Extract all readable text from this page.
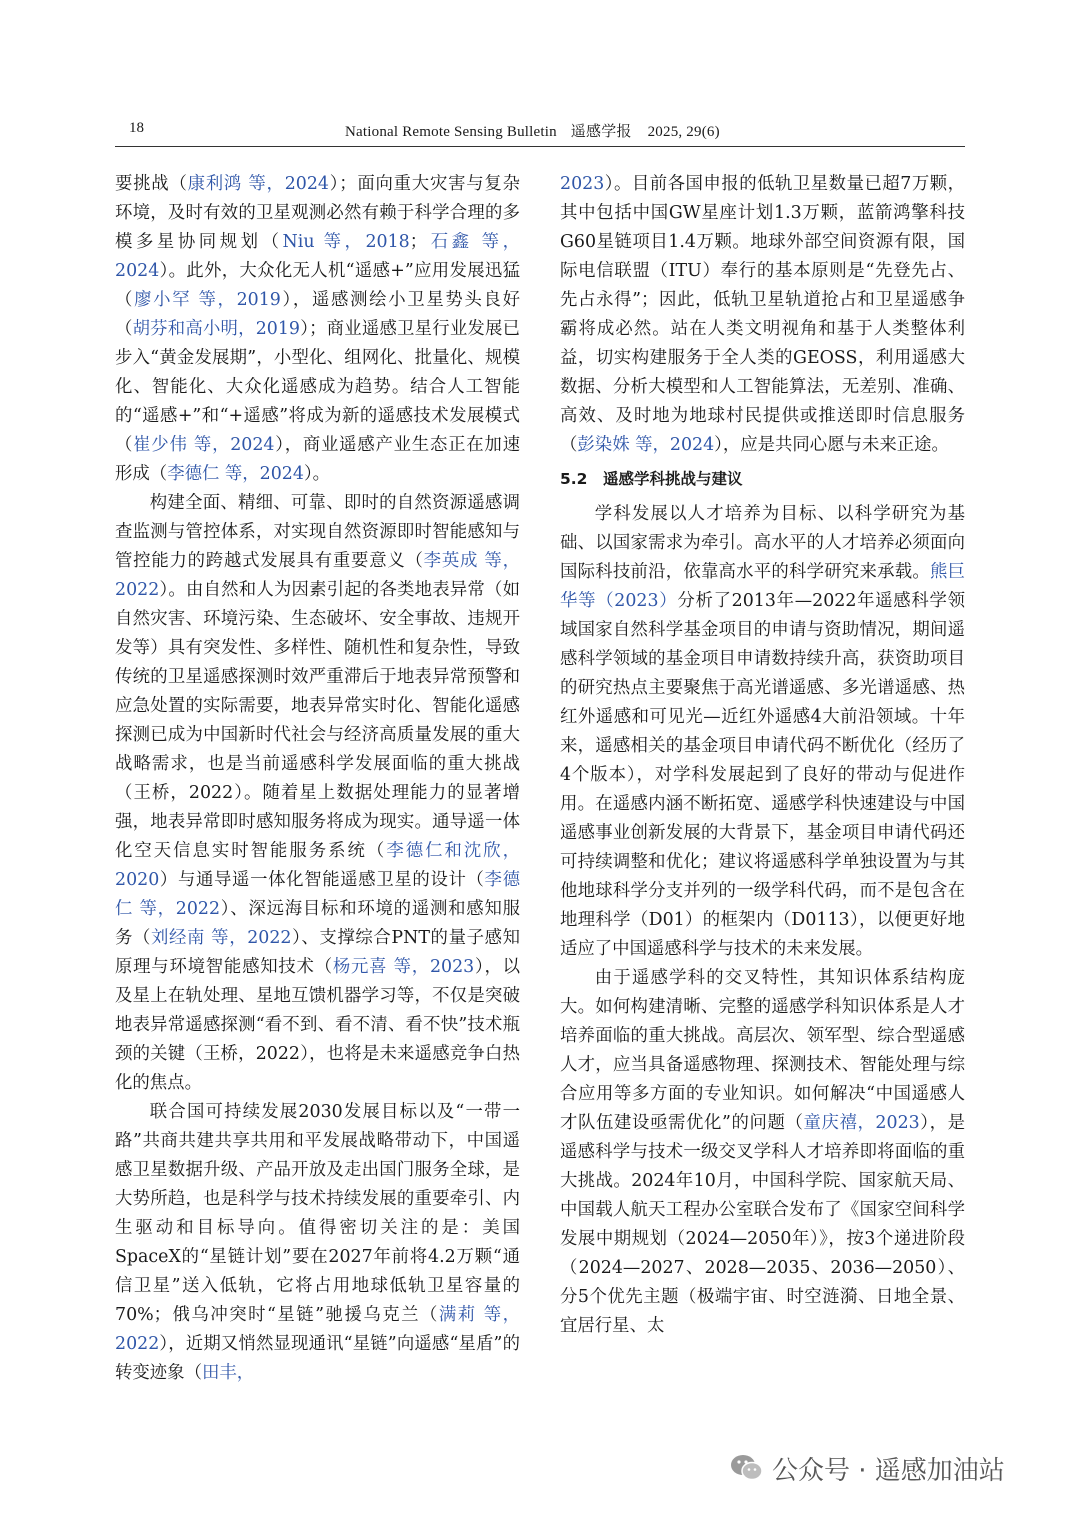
18	National Remote Sensing Bulletin 遥感学报 2025, 29(6)

要挑战（康利鸿 等，2024）；面向重大灾害与复杂环境，及时有效的卫星观测必然有赖于科学合理的多模多星协同规划（Niu 等，2018；石鑫 等，2024）。此外，大众化无人机“遥感+”应用发展迅猛（廖小罕 等，2019），遥感测绘小卫星势头良好（胡芬和高小明，2019）；商业遥感卫星行业发展已步入“黄金发展期”，小型化、组网化、批量化、规模化、智能化、大众化遥感成为趋势。结合人工智能的“遥感+”和“+遥感”将成为新的遥感技术发展模式（崔少伟 等，2024），商业遥感产业生态正在加速形成（李德仁 等，2024）。

构建全面、精细、可靠、即时的自然资源遥感调查监测与管控体系，对实现自然资源即时智能感知与管控能力的跨越式发展具有重要意义（李英成 等，2022）。由自然和人为因素引起的各类地表异常（如自然灾害、环境污染、生态破坏、安全事故、违规开发等）具有突发性、多样性、随机性和复杂性，导致传统的卫星遥感探测时效严重滞后于地表异常预警和应急处置的实际需要，地表异常实时化、智能化遥感探测已成为中国新时代社会与经济高质量发展的重大战略需求，也是当前遥感科学发展面临的重大挑战（王桥，2022）。随着星上数据处理能力的显著增强，地表异常即时感知服务将成为现实。通导遥一体化空天信息实时智能服务系统（李德仁和沈欣，2020）与通导遥一体化智能遥感卫星的设计（李德仁 等，2022）、深远海目标和环境的遥测和感知服务（刘经南 等，2022）、支撑综合PNT的量子感知原理与环境智能感知技术（杨元喜 等，2023），以及星上在轨处理、星地互馈机器学习等，不仅是突破地表异常遥感探测“看不到、看不清、看不快”技术瓶颈的关键（王桥，2022），也将是未来遥感竞争白热化的焦点。

联合国可持续发展2030发展目标以及“一带一路”共商共建共享共用和平发展战略带动下，中国遥感卫星数据升级、产品开放及走出国门服务全球，是大势所趋，也是科学与技术持续发展的重要牵引、内生驱动和目标导向。值得密切关注的是：美国SpaceX的“星链计划”要在2027年前将4.2万颗“通信卫星”送入低轨，它将占用地球低轨卫星容量的70%；俄乌冲突时“星链”驰援乌克兰（满莉 等，2022），近期又悄然显现通讯“星链”向遥感“星盾”的转变迹象（田丰，

2023）。目前各国申报的低轨卫星数量已超7万颗，其中包括中国GW星座计划1.3万颗，蓝箭鸿擎科技G60星链项目1.4万颗。地球外部空间资源有限，国际电信联盟（ITU）奉行的基本原则是“先登先占、先占永得”；因此，低轨卫星轨道抢占和卫星遥感争霸将成必然。站在人类文明视角和基于人类整体利益，切实构建服务于全人类的GEOSS，利用遥感大数据、分析大模型和人工智能算法，无差别、准确、高效、及时地为地球村民提供或推送即时信息服务（彭染姝 等，2024），应是共同心愿与未来正途。

5.2　遥感学科挑战与建议

学科发展以人才培养为目标、以科学研究为基础、以国家需求为牵引。高水平的人才培养必须面向国际科技前沿，依靠高水平的科学研究来承载。熊巨华等（2023）分析了2013年—2022年遥感科学领域国家自然科学基金项目的申请与资助情况，期间遥感科学领域的基金项目申请数持续升高，获资助项目的研究热点主要聚焦于高光谱遥感、多光谱遥感、热红外遥感和可见光—近红外遥感4大前沿领域。十年来，遥感相关的基金项目申请代码不断优化（经历了4个版本），对学科发展起到了良好的带动与促进作用。在遥感内涵不断拓宽、遥感学科快速建设与中国遥感事业创新发展的大背景下，基金项目申请代码还可持续调整和优化；建议将遥感科学单独设置为与其他地球科学分支并列的一级学科代码，而不是包含在地理科学（D01）的框架内（D0113），以便更好地适应了中国遥感科学与技术的未来发展。

由于遥感学科的交叉特性，其知识体系结构庞大。如何构建清晰、完整的遥感学科知识体系是人才培养面临的重大挑战。高层次、领军型、综合型遥感人才，应当具备遥感物理、探测技术、智能处理与综合应用等多方面的专业知识。如何解决“中国遥感人才队伍建设亟需优化”的问题（童庆禧，2023），是遥感科学与技术一级交叉学科人才培养即将面临的重大挑战。2024年10月，中国科学院、国家航天局、中国载人航天工程办公室联合发布了《国家空间科学发展中期规划（2024—2050年）》，按3个递进阶段（2024—2027、2028—2035、2036—2050）、分5个优先主题（极端宇宙、时空涟漪、日地全景、宜居行星、太

公众号 · 遥感加油站
